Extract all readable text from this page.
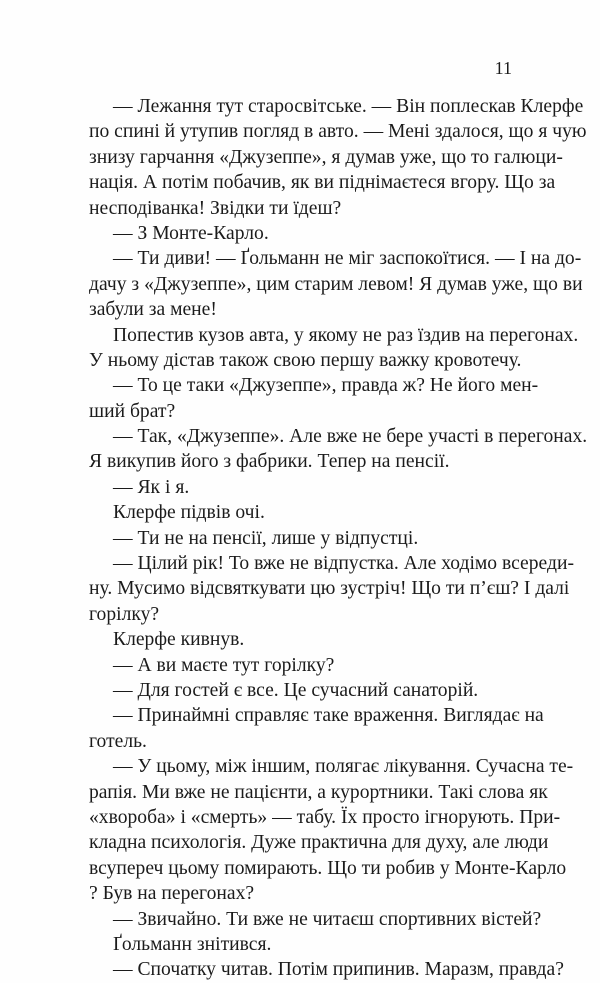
11
— Лежання тут старосвітське. — Він поплескав Клерфе
по спині й утупив погляд в авто. — Мені здалося, що я чую
знизу гарчання «Джузеппе», я думав уже, що то галюци-
нація. А потім побачив, як ви піднімаєтеся вгору. Що за
несподіванка! Звідки ти їдеш?
— З Монте-Карло.
— Ти диви! — Ґольманн не міг заспокоїтися. — І на до-
дачу з «Джузеппе», цим старим левом! Я думав уже, що ви
забули за мене!
Попестив кузов авта, у якому не раз їздив на перегонах.
У ньому дістав також свою першу важку кровотечу.
— То це таки «Джузеппе», правда ж? Не його мен-
ший брат?
— Так, «Джузеппе». Але вже не бере участі в перегонах.
Я викупив його з фабрики. Тепер на пенсії.
— Як і я.
Клерфе підвів очі.
— Ти не на пенсії, лише у відпустці.
— Цілий рік! То вже не відпустка. Але ходімо всереди-
ну. Мусимо відсвяткувати цю зустріч! Що ти п’єш? І далі
горілку?
Клерфе кивнув.
— А ви маєте тут горілку?
— Для гостей є все. Це сучасний санаторій.
— Принаймні справляє таке враження. Виглядає на
готель.
— У цьому, між іншим, полягає лікування. Сучасна те-
рапія. Ми вже не пацієнти, а курортники. Такі слова як
«хвороба» і «смерть» — табу. Їх просто ігнорують. При-
кладна психологія. Дуже практична для духу, але люди
всупереч цьому помирають. Що ти робив у Монте-Карло
? Був на перегонах?
— Звичайно. Ти вже не читаєш спортивних вістей?
Ґольманн знітився.
— Спочатку читав. Потім припинив. Маразм, правда?
